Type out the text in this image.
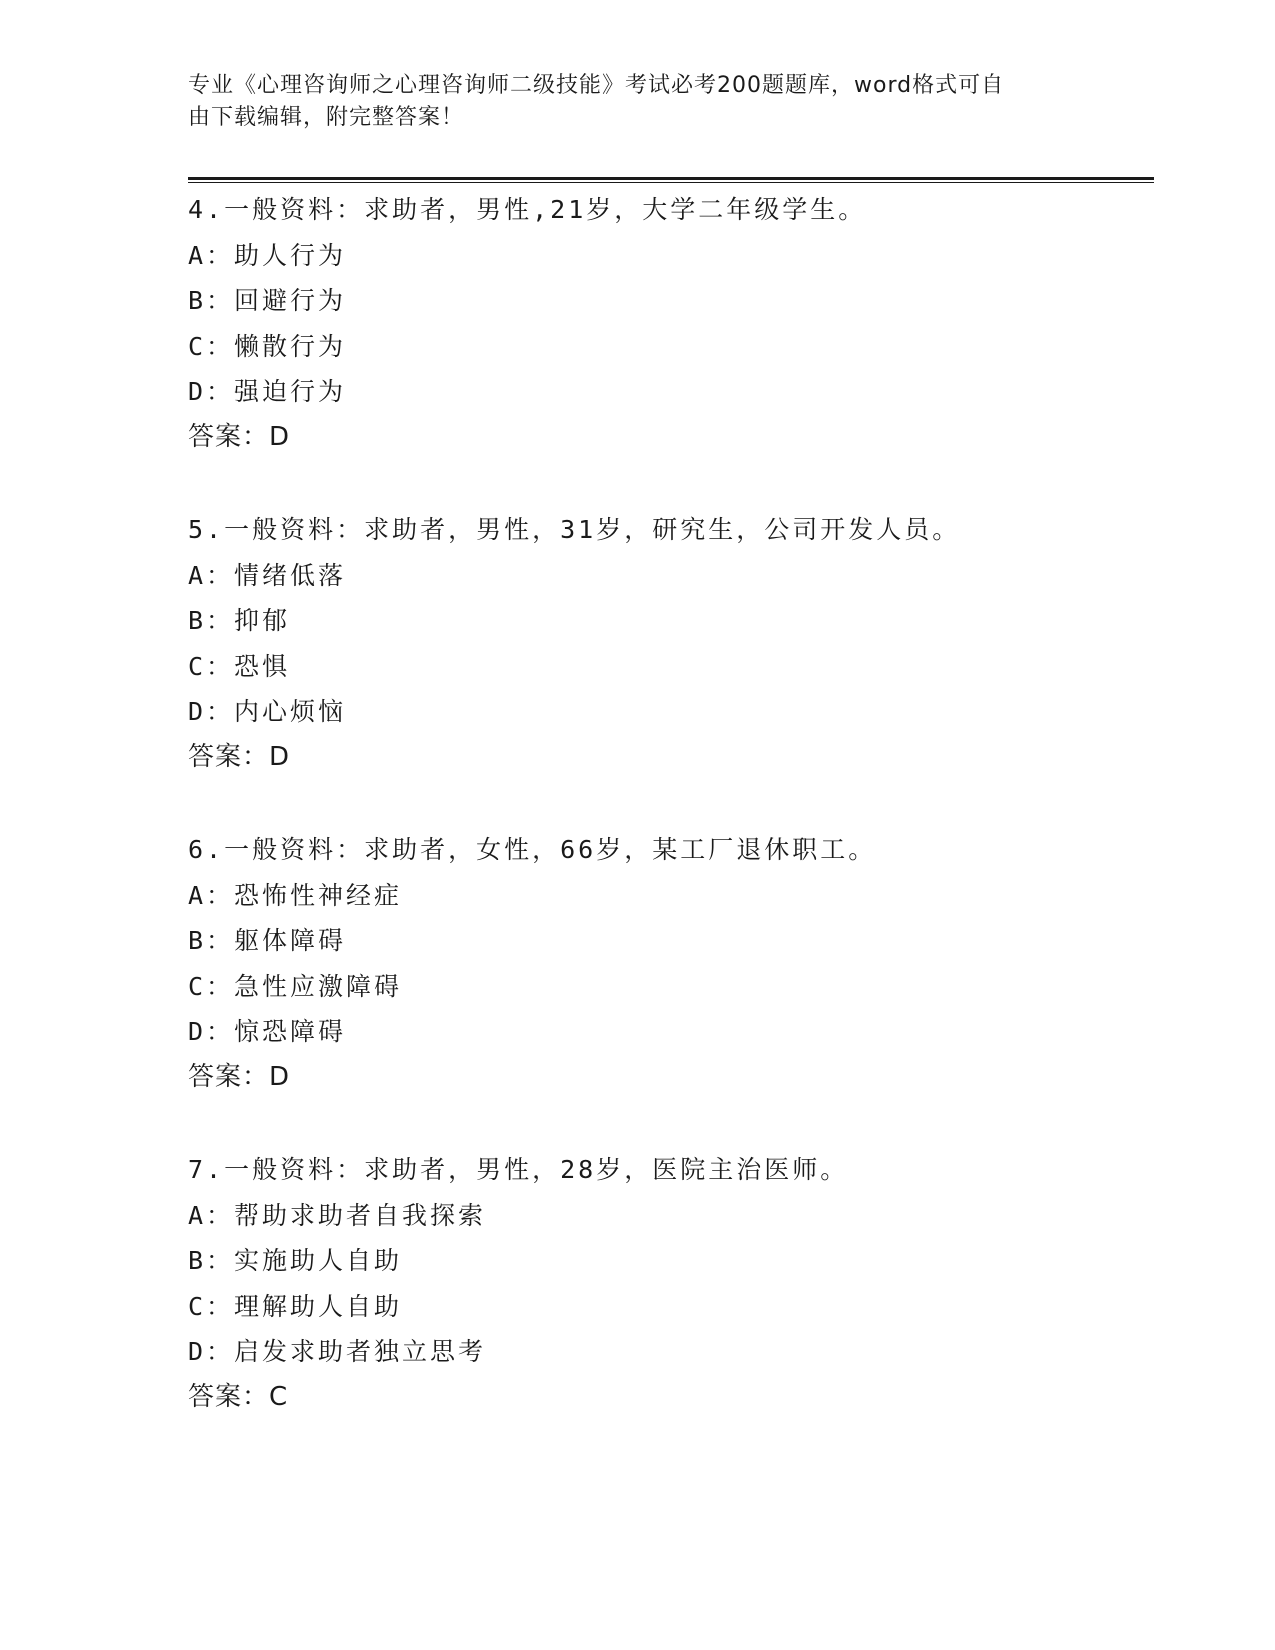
专业《心理咨询师之心理咨询师二级技能》考试必考200题题库，word格式可自
由下载编辑，附完整答案！
4.一般资料：求助者，男性,21岁，大学二年级学生。
A：助人行为
B：回避行为
C：懒散行为
D：强迫行为
答案：D
5.一般资料：求助者，男性，31岁，研究生，公司开发人员。
A：情绪低落
B：抑郁
C：恐惧
D：内心烦恼
答案：D
6.一般资料：求助者，女性，66岁，某工厂退休职工。
A：恐怖性神经症
B：躯体障碍
C：急性应激障碍
D：惊恐障碍
答案：D
7.一般资料：求助者，男性，28岁，医院主治医师。
A：帮助求助者自我探索
B：实施助人自助
C：理解助人自助
D：启发求助者独立思考
答案：C
